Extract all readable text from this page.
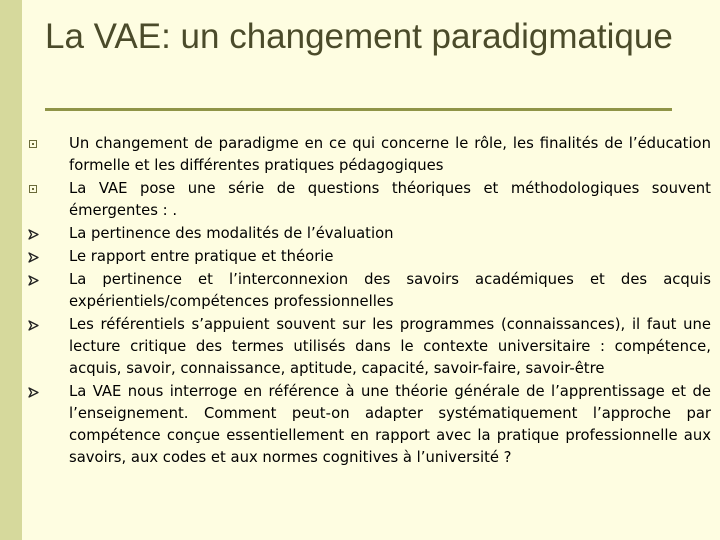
La VAE: un changement paradigmatique
Un changement de paradigme en ce qui concerne le rôle, les finalités de l’éducation formelle et les différentes pratiques pédagogiques
La VAE pose une série de questions théoriques et méthodologiques souvent émergentes : .
La pertinence des modalités de l’évaluation
Le rapport entre pratique et théorie
La pertinence et l’interconnexion des savoirs académiques et des acquis expérientiels/compétences professionnelles
Les référentiels s’appuient souvent sur les programmes (connaissances), il faut une lecture critique des termes utilisés dans le contexte universitaire : compétence, acquis, savoir, connaissance, aptitude, capacité, savoir-faire, savoir-être
La VAE nous interroge en référence à une théorie générale de l’apprentissage et de l’enseignement. Comment peut-on adapter systématiquement l’approche par compétence conçue essentiellement en rapport avec la pratique professionnelle aux savoirs, aux codes et aux normes cognitives à l’université ?
